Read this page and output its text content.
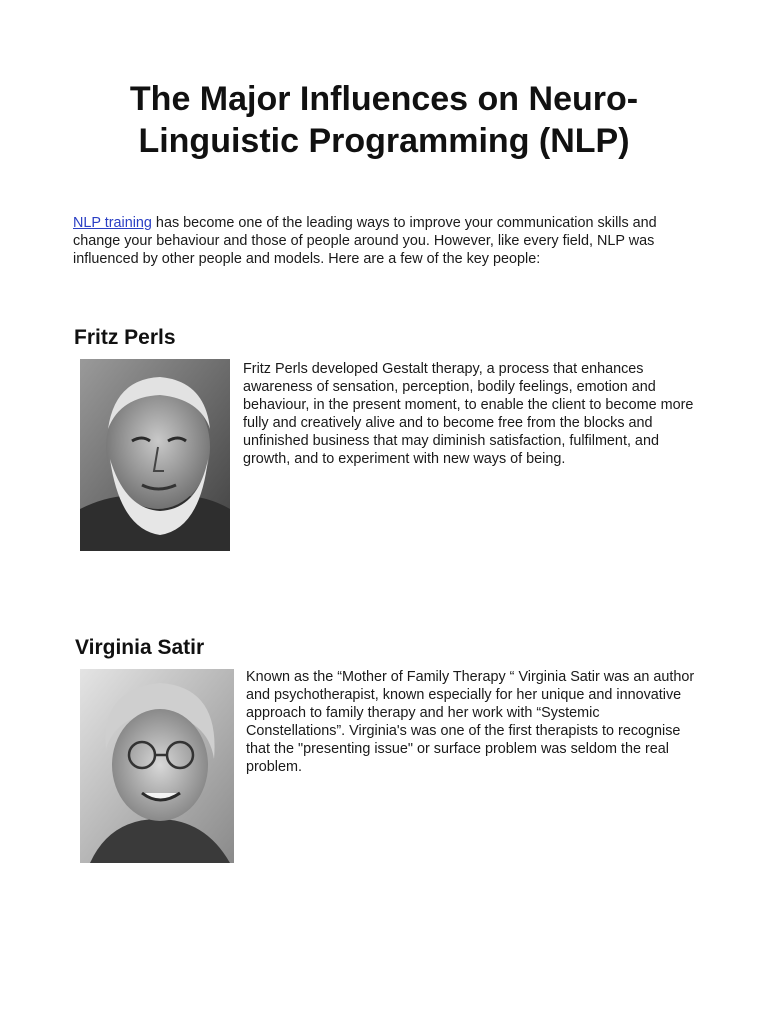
The Major Influences on Neuro-Linguistic Programming (NLP)

NLP training has become one of the leading ways to improve your communication skills and change your behaviour and those of people around you. However, like every field, NLP was influenced by other people and models. Here are a few of the key people:

Fritz Perls

Fritz Perls developed Gestalt therapy, a process that enhances awareness of sensation, perception, bodily feelings, emotion and behaviour, in the present moment, to enable the client to become more fully and creatively alive and to become free from the blocks and unfinished business that may diminish satisfaction, fulfilment, and growth, and to experiment with new ways of being.

Virginia Satir

Known as the “Mother of Family Therapy “ Virginia Satir was an author and psychotherapist, known especially for her unique and innovative approach to family therapy and her work with “Systemic Constellations”. Virginia's was one of the first therapists to recognise that the "presenting issue" or surface problem was seldom the real problem.
